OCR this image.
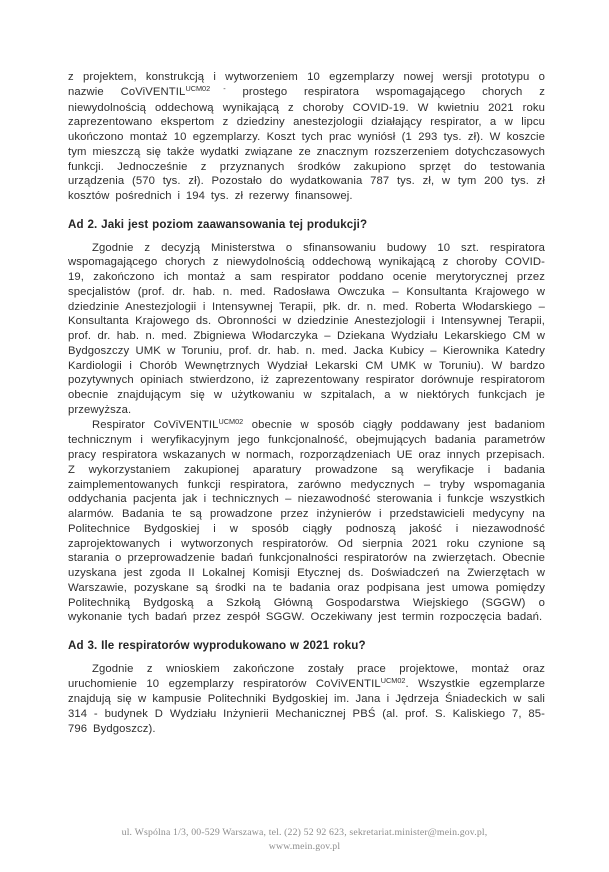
z projektem, konstrukcją i wytworzeniem 10 egzemplarzy nowej wersji prototypu o nazwie CoViVENTIL$^{UCM02 -}$ prostego respiratora wspomagającego chorych z niewydolnością oddechową wynikającą z choroby COVID-19. W kwietniu 2021 roku zaprezentowano ekspertom z dziedziny anestezjologii działający respirator, a w lipcu ukończono montaż 10 egzemplarzy. Koszt tych prac wyniósł (1 293 tys. zł). W koszcie tym mieszczą się także wydatki związane ze znacznym rozszerzeniem dotychczasowych funkcji. Jednocześnie z przyznanych środków zakupiono sprzęt do testowania urządzenia (570 tys. zł). Pozostało do wydatkowania 787 tys. zł, w tym 200 tys. zł kosztów pośrednich i 194 tys. zł rezerwy finansowej.

Ad 2. Jaki jest poziom zaawansowania tej produkcji?

Zgodnie z decyzją Ministerstwa o sfinansowaniu budowy 10 szt. respiratora wspomagającego chorych z niewydolnością oddechową wynikającą z choroby COVID-19, zakończono ich montaż a sam respirator poddano ocenie merytorycznej przez specjalistów (prof. dr. hab. n. med. Radosława Owczuka – Konsultanta Krajowego w dziedzinie Anestezjologii i Intensywnej Terapii, płk. dr. n. med. Roberta Włodarskiego – Konsultanta Krajowego ds. Obronności w dziedzinie Anestezjologii i Intensywnej Terapii, prof. dr. hab. n. med. Zbigniewa Włodarczyka – Dziekana Wydziału Lekarskiego CM w Bydgoszczy UMK w Toruniu, prof. dr. hab. n. med. Jacka Kubicy – Kierownika Katedry Kardiologii i Chorób Wewnętrznych Wydział Lekarski CM UMK w Toruniu). W bardzo pozytywnych opiniach stwierdzono, iż zaprezentowany respirator dorównuje respiratorom obecnie znajdującym się w użytkowaniu w szpitalach, a w niektórych funkcjach je przewyższa.

Respirator CoViVENTIL$^{UCM02}$ obecnie w sposób ciągły poddawany jest badaniom technicznym i weryfikacyjnym jego funkcjonalność, obejmujących badania parametrów pracy respiratora wskazanych w normach, rozporządzeniach UE oraz innych przepisach. Z wykorzystaniem zakupionej aparatury prowadzone są weryfikacje i badania zaimplementowanych funkcji respiratora, zarówno medycznych – tryby wspomagania oddychania pacjenta jak i technicznych – niezawodność sterowania i funkcje wszystkich alarmów. Badania te są prowadzone przez inżynierów i przedstawicieli medycyny na Politechnice Bydgoskiej i w sposób ciągły podnoszą jakość i niezawodność zaprojektowanych i wytworzonych respiratorów. Od sierpnia 2021 roku czynione są starania o przeprowadzenie badań funkcjonalności respiratorów na zwierzętach. Obecnie uzyskana jest zgoda II Lokalnej Komisji Etycznej ds. Doświadczeń na Zwierzętach w Warszawie, pozyskane są środki na te badania oraz podpisana jest umowa pomiędzy Politechniką Bydgoską a Szkołą Główną Gospodarstwa Wiejskiego (SGGW) o wykonanie tych badań przez zespół SGGW. Oczekiwany jest termin rozpoczęcia badań.

Ad 3. Ile respiratorów wyprodukowano w 2021 roku?

Zgodnie z wnioskiem zakończone zostały prace projektowe, montaż oraz uruchomienie 10 egzemplarzy respiratorów CoViVENTIL$^{UCM02}$. Wszystkie egzemplarze znajdują się w kampusie Politechniki Bydgoskiej im. Jana i Jędrzeja Śniadeckich w sali 314 - budynek D Wydziału Inżynierii Mechanicznej PBŚ (al. prof. S. Kaliskiego 7, 85-796 Bydgoszcz).

ul. Wspólna 1/3, 00-529 Warszawa, tel. (22) 52 92 623, sekretariat.minister@mein.gov.pl,
www.mein.gov.pl
